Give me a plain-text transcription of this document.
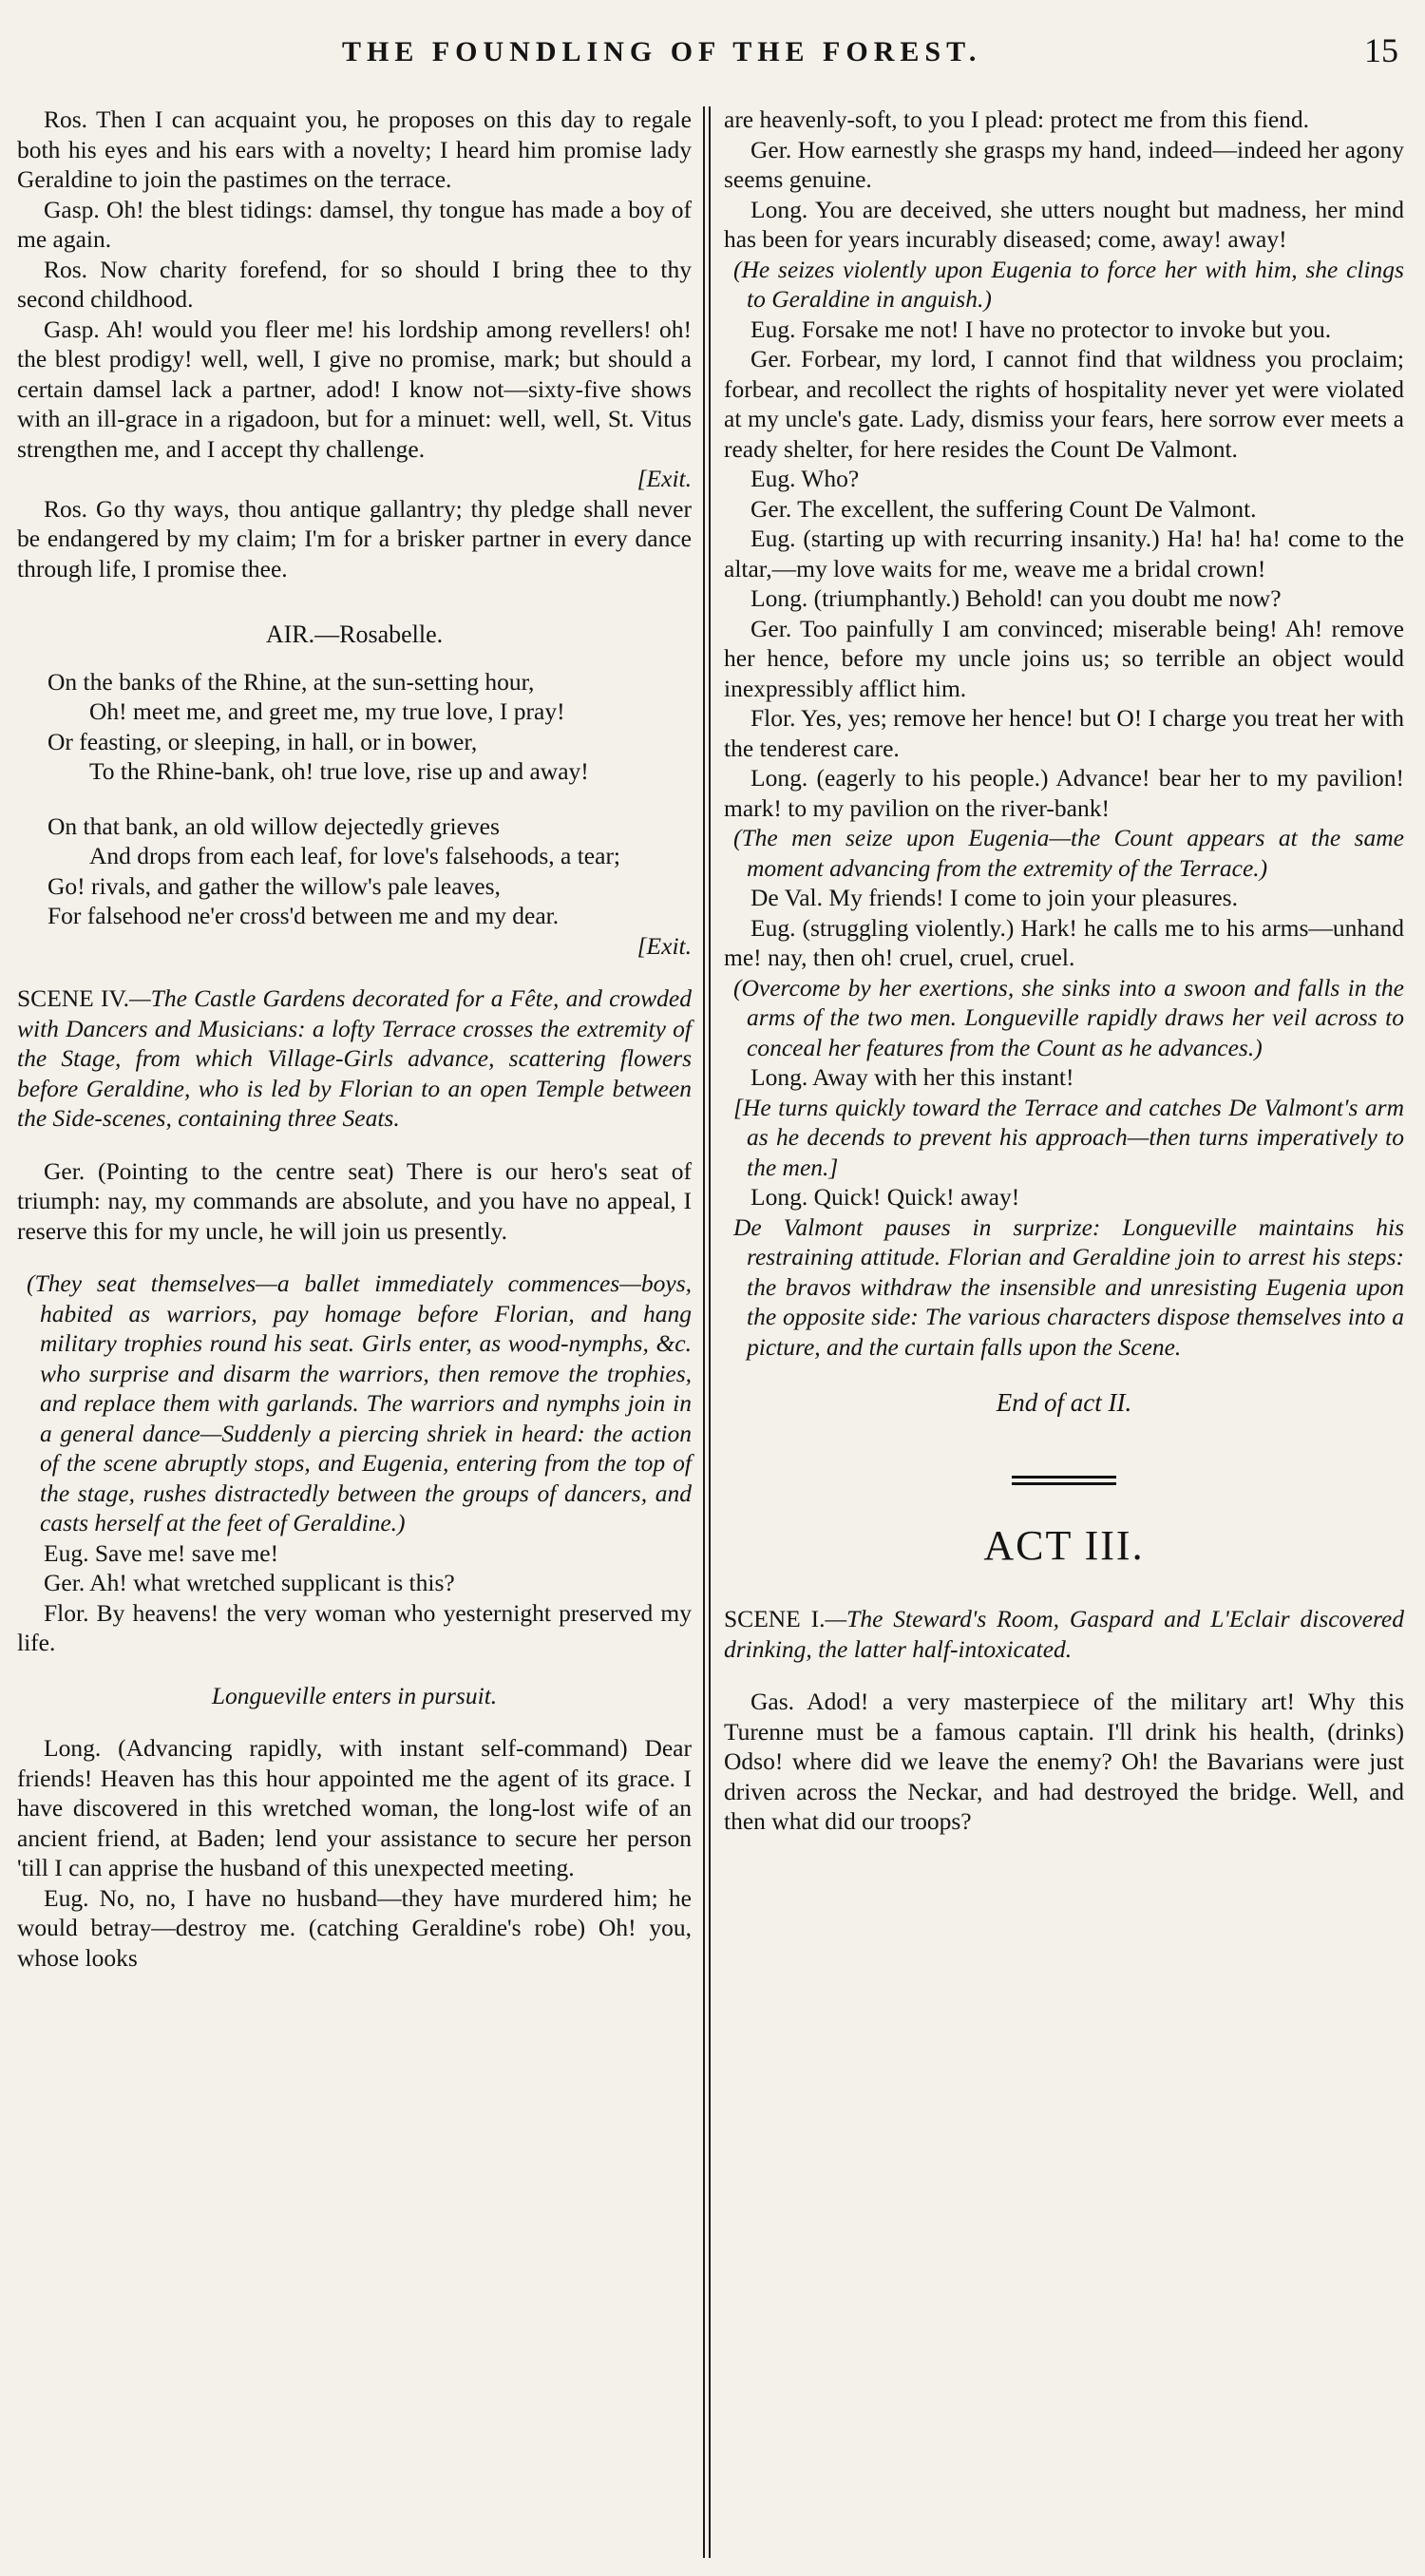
THE FOUNDLING OF THE FOREST.	15

Ros. Then I can acquaint you, he proposes on this day to regale both his eyes and his ears with a novelty; I heard him promise lady Geraldine to join the pastimes on the terrace.

Gasp. Oh! the blest tidings: damsel, thy tongue has made a boy of me again.

Ros. Now charity forefend, for so should I bring thee to thy second childhood.

Gasp. Ah! would you fleer me! his lordship among revellers! oh! the blest prodigy! well, well, I give no promise, mark; but should a certain damsel lack a partner, adod! I know not—sixty-five shows with an ill-grace in a rigadoon, but for a minuet: well, well, St. Vitus strengthen me, and I accept thy challenge.

[Exit.

Ros. Go thy ways, thou antique gallantry; thy pledge shall never be endangered by my claim; I'm for a brisker partner in every dance through life, I promise thee.

AIR.—Rosabelle.

On the banks of the Rhine, at the sun-setting hour,
Oh! meet me, and greet me, my true love, I pray!
Or feasting, or sleeping, in hall, or in bower,
To the Rhine-bank, oh! true love, rise up and away!
On that bank, an old willow dejectedly grieves
And drops from each leaf, for love's falsehoods, a tear;
Go! rivals, and gather the willow's pale leaves,
For falsehood ne'er cross'd between me and my dear.

[Exit.

SCENE IV.—The Castle Gardens decorated for a Fête, and crowded with Dancers and Musicians: a lofty Terrace crosses the extremity of the Stage, from which Village-Girls advance, scattering flowers before Geraldine, who is led by Florian to an open Temple between the Side-scenes, containing three Seats.

Ger. (Pointing to the centre seat) There is our hero's seat of triumph: nay, my commands are absolute, and you have no appeal, I reserve this for my uncle, he will join us presently.

(They seat themselves—a ballet immediately commences—boys, habited as warriors, pay homage before Florian, and hang military trophies round his seat. Girls enter, as wood-nymphs, &c. who surprise and disarm the warriors, then remove the trophies, and replace them with garlands. The warriors and nymphs join in a general dance—Suddenly a piercing shriek in heard: the action of the scene abruptly stops, and Eugenia, entering from the top of the stage, rushes distractedly between the groups of dancers, and casts herself at the feet of Geraldine.)

Eug. Save me! save me!

Ger. Ah! what wretched supplicant is this?

Flor. By heavens! the very woman who yesternight preserved my life.

Longueville enters in pursuit.

Long. (Advancing rapidly, with instant self-command) Dear friends! Heaven has this hour appointed me the agent of its grace. I have discovered in this wretched woman, the long-lost wife of an ancient friend, at Baden; lend your assistance to secure her person 'till I can apprise the husband of this unexpected meeting.

Eug. No, no, I have no husband—they have murdered him; he would betray—destroy me. (catching Geraldine's robe) Oh! you, whose looks

are heavenly-soft, to you I plead: protect me from this fiend.

Ger. How earnestly she grasps my hand, indeed—indeed her agony seems genuine.

Long. You are deceived, she utters nought but madness, her mind has been for years incurably diseased; come, away! away!

(He seizes violently upon Eugenia to force her with him, she clings to Geraldine in anguish.)

Eug. Forsake me not! I have no protector to invoke but you.

Ger. Forbear, my lord, I cannot find that wildness you proclaim; forbear, and recollect the rights of hospitality never yet were violated at my uncle's gate. Lady, dismiss your fears, here sorrow ever meets a ready shelter, for here resides the Count De Valmont.

Eug. Who?

Ger. The excellent, the suffering Count De Valmont.

Eug. (starting up with recurring insanity.) Ha! ha! ha! come to the altar,—my love waits for me, weave me a bridal crown!

Long. (triumphantly.) Behold! can you doubt me now?

Ger. Too painfully I am convinced; miserable being! Ah! remove her hence, before my uncle joins us; so terrible an object would inexpressibly afflict him.

Flor. Yes, yes; remove her hence! but O! I charge you treat her with the tenderest care.

Long. (eagerly to his people.) Advance! bear her to my pavilion! mark! to my pavilion on the river-bank!

(The men seize upon Eugenia—the Count appears at the same moment advancing from the extremity of the Terrace.)

De Val. My friends! I come to join your pleasures.

Eug. (struggling violently.) Hark! he calls me to his arms—unhand me! nay, then oh! cruel, cruel, cruel.

(Overcome by her exertions, she sinks into a swoon and falls in the arms of the two men. Longueville rapidly draws her veil across to conceal her features from the Count as he advances.)

Long. Away with her this instant!

[He turns quickly toward the Terrace and catches De Valmont's arm as he decends to prevent his approach—then turns imperatively to the men.]

Long. Quick! Quick! away!

De Valmont pauses in surprize: Longueville maintains his restraining attitude. Florian and Geraldine join to arrest his steps: the bravos withdraw the insensible and unresisting Eugenia upon the opposite side: The various characters dispose themselves into a picture, and the curtain falls upon the Scene.

End of act II.

ACT III.

SCENE I.—The Steward's Room, Gaspard and L'Eclair discovered drinking, the latter half-intoxicated.

Gas. Adod! a very masterpiece of the military art! Why this Turenne must be a famous captain. I'll drink his health, (drinks) Odso! where did we leave the enemy? Oh! the Bavarians were just driven across the Neckar, and had destroyed the bridge. Well, and then what did our troops?
